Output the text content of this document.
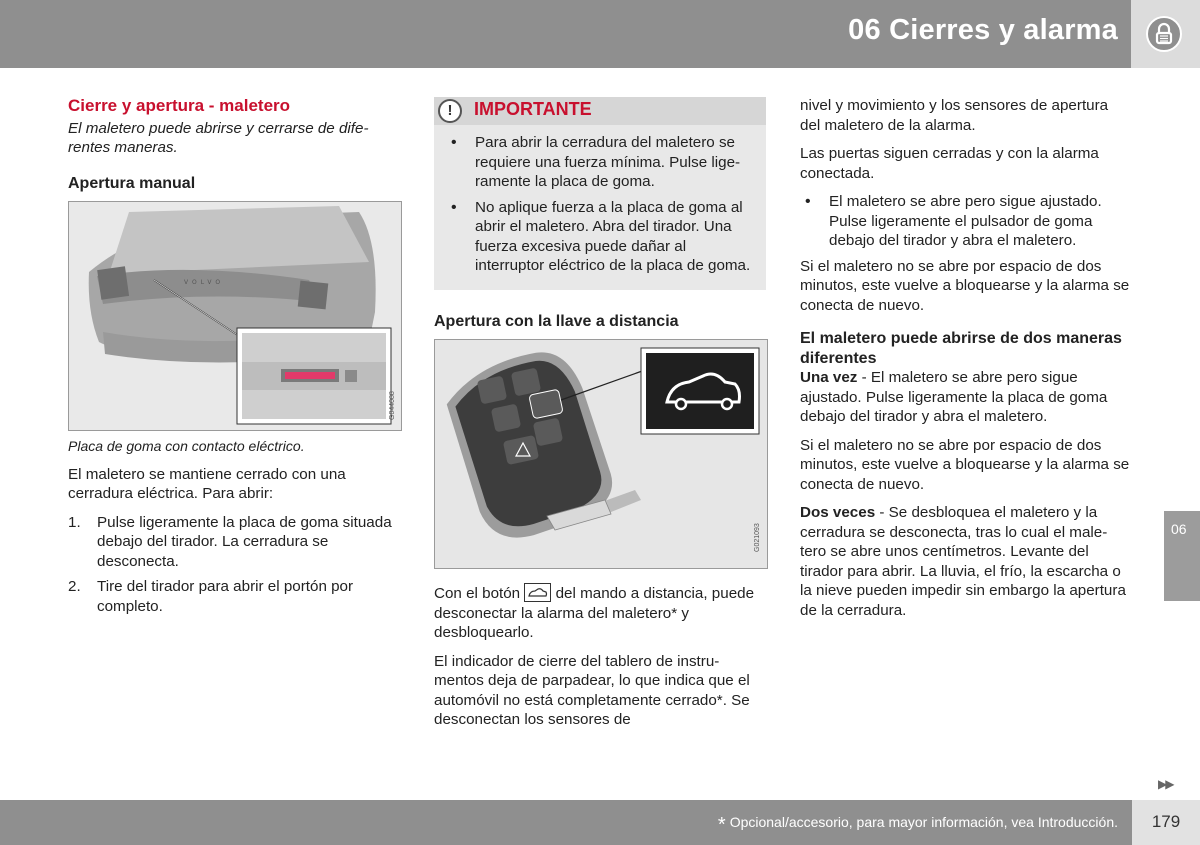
06 Cierres y alarma
Cierre y apertura - maletero
El maletero puede abrirse y cerrarse de dife- rentes maneras.
Apertura manual
VOLVO
G044088
Placa de goma con contacto eléctrico.

El maletero se mantiene cerrado con una cerradura eléctrica. Para abrir:

1. Pulse ligeramente la placa de goma situada debajo del tirador. La cerradura se desconecta.
2. Tire del tirador para abrir el portón por completo.
!	IMPORTANTE
• Para abrir la cerradura del maletero se requiere una fuerza mínima. Pulse lige- ramente la placa de goma.
• No aplique fuerza a la placa de goma al abrir el maletero. Abra del tirador. Una fuerza excesiva puede dañar al interruptor eléctrico de la placa de goma.
Apertura con la llave a distancia
G021093

Con el botón del mando a distancia, puede desconectar la alarma del maletero* y desbloquearlo.

El indicador de cierre del tablero de instru- mentos deja de parpadear, lo que indica que el automóvil no está completamente cerrado*. Se desconectan los sensores de

nivel y movimiento y los sensores de apertura del maletero de la alarma.

Las puertas siguen cerradas y con la alarma conectada.

• El maletero se abre pero sigue ajustado. Pulse ligeramente el pulsador de goma debajo del tirador y abra el maletero.

Si el maletero no se abre por espacio de dos minutos, este vuelve a bloquearse y la alarma se conecta de nuevo.

El maletero puede abrirse de dos maneras diferentes

Una vez - El maletero se abre pero sigue ajustado. Pulse ligeramente la placa de goma debajo del tirador y abra el maletero.

Si el maletero no se abre por espacio de dos minutos, este vuelve a bloquearse y la alarma se conecta de nuevo.

Dos veces - Se desbloquea el maletero y la cerradura se desconecta, tras lo cual el male- tero se abre unos centímetros. Levante del tirador para abrir. La lluvia, el frío, la escarcha o la nieve pueden impedir sin embargo la apertura de la cerradura.

06
▶▶
* Opcional/accesorio, para mayor información, vea Introducción.	179
